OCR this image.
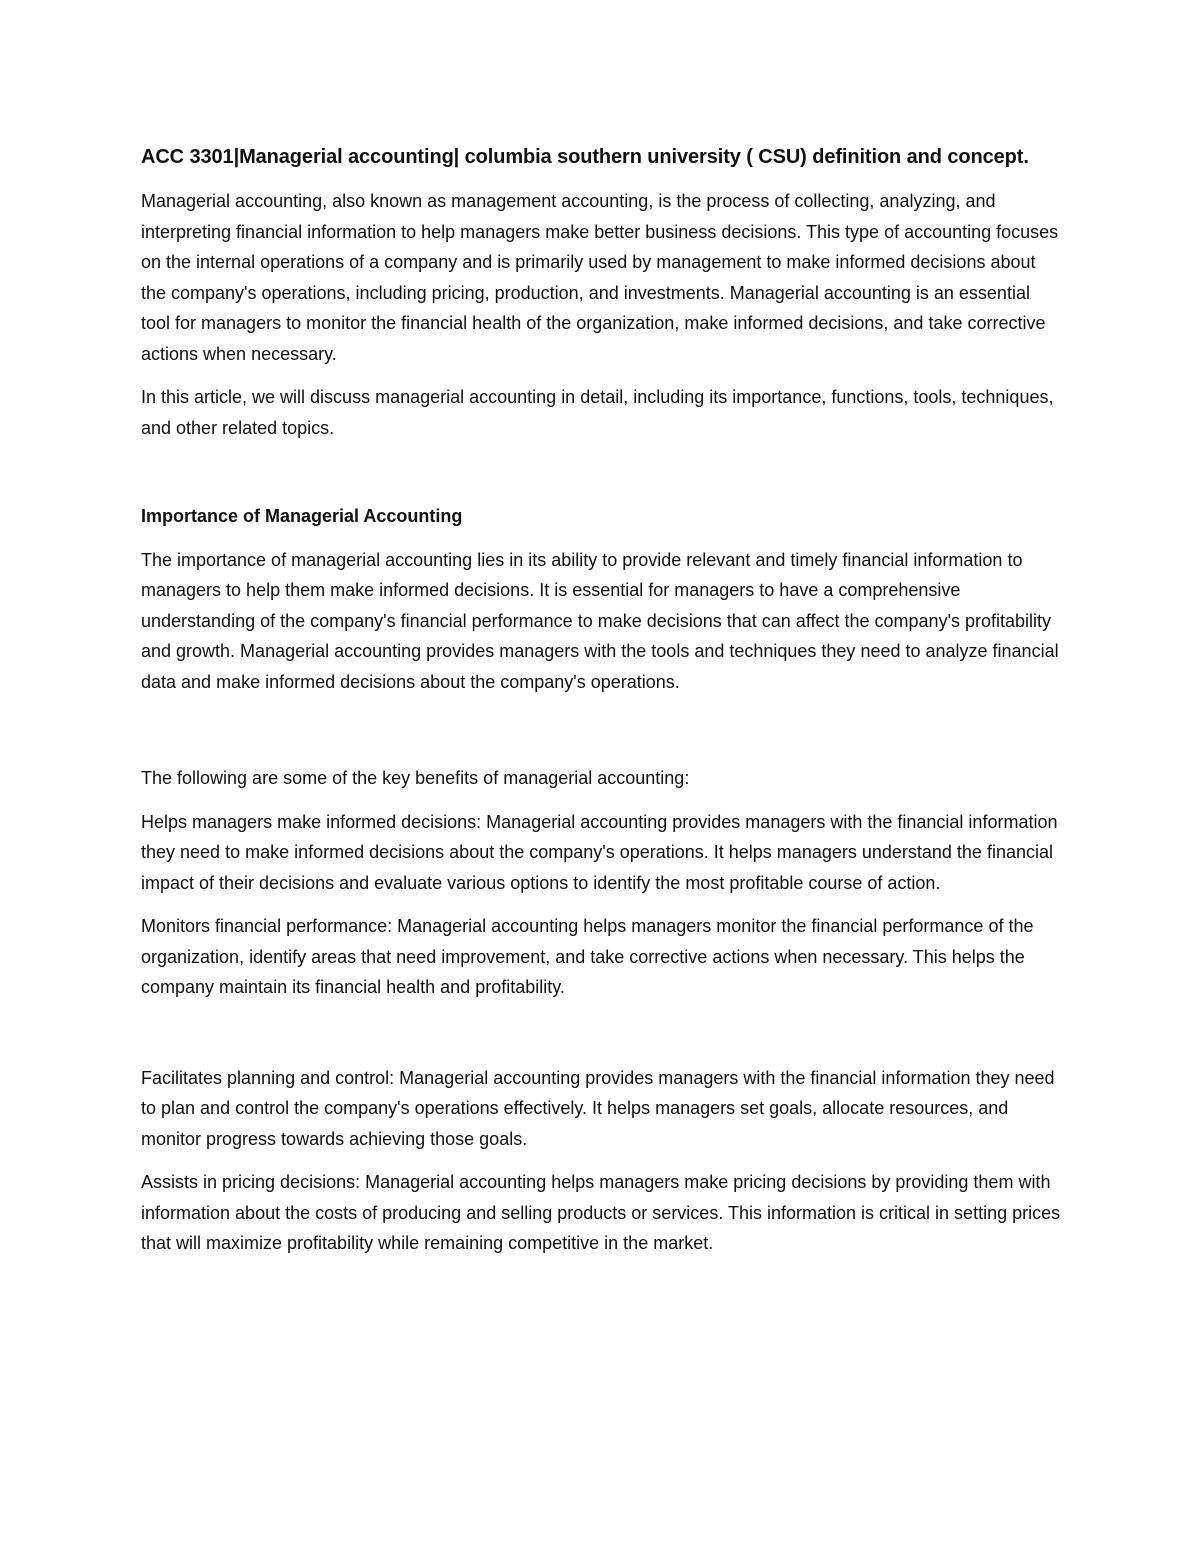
ACC 3301|Managerial accounting| columbia southern university ( CSU) definition and concept.

Managerial accounting, also known as management accounting, is the process of collecting, analyzing, and interpreting financial information to help managers make better business decisions. This type of accounting focuses on the internal operations of a company and is primarily used by management to make informed decisions about the company's operations, including pricing, production, and investments. Managerial accounting is an essential tool for managers to monitor the financial health of the organization, make informed decisions, and take corrective actions when necessary.

In this article, we will discuss managerial accounting in detail, including its importance, functions, tools, techniques, and other related topics.

Importance of Managerial Accounting

The importance of managerial accounting lies in its ability to provide relevant and timely financial information to managers to help them make informed decisions. It is essential for managers to have a comprehensive understanding of the company's financial performance to make decisions that can affect the company's profitability and growth. Managerial accounting provides managers with the tools and techniques they need to analyze financial data and make informed decisions about the company's operations.

The following are some of the key benefits of managerial accounting:

Helps managers make informed decisions: Managerial accounting provides managers with the financial information they need to make informed decisions about the company's operations. It helps managers understand the financial impact of their decisions and evaluate various options to identify the most profitable course of action.

Monitors financial performance: Managerial accounting helps managers monitor the financial performance of the organization, identify areas that need improvement, and take corrective actions when necessary. This helps the company maintain its financial health and profitability.

Facilitates planning and control: Managerial accounting provides managers with the financial information they need to plan and control the company's operations effectively. It helps managers set goals, allocate resources, and monitor progress towards achieving those goals.

Assists in pricing decisions: Managerial accounting helps managers make pricing decisions by providing them with information about the costs of producing and selling products or services. This information is critical in setting prices that will maximize profitability while remaining competitive in the market.
